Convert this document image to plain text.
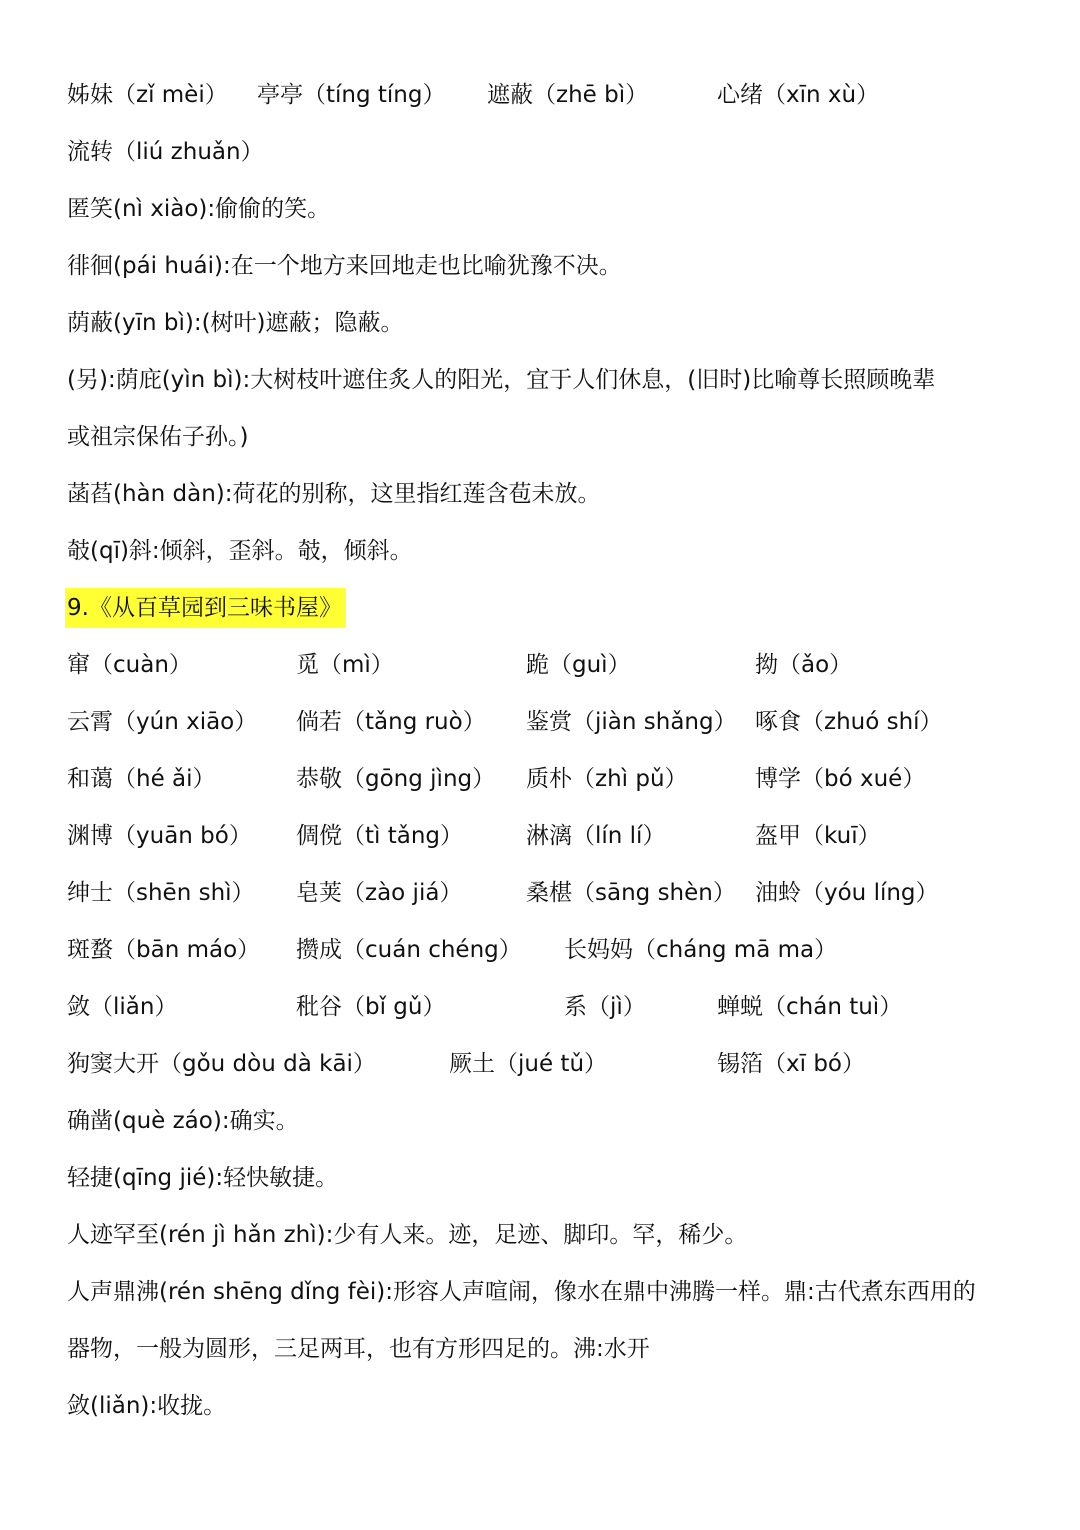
姊妹（zǐ mèi） 亭亭（tíng tíng） 遮蔽（zhē bì）	心绪（xīn xù）
流转（liú zhuǎn）
匿笑(nì xiào):偷偷的笑。
徘徊(pái huái):在一个地方来回地走也比喻犹豫不决。
荫蔽(yīn bì):(树叶)遮蔽；隐蔽。
(另):荫庇(yìn bì):大树枝叶遮住炙人的阳光，宜于人们休息，(旧时)比喻尊长照顾晚辈
或祖宗保佑子孙。)
菡萏(hàn dàn):荷花的别称，这里指红莲含苞未放。
攲(qī)斜:倾斜，歪斜。攲，倾斜。
9.《从百草园到三味书屋》
窜（cuàn）	觅（mì）	跪（guì）	拗（ǎo）
云霄（yún xiāo） 倘若（tǎng ruò） 鉴赏（jiàn shǎng） 啄食（zhuó shí）
和蔼（hé ǎi）	恭敬（gōng jìng） 质朴（zhì pǔ）	博学（bó xué）
渊博（yuān bó） 倜傥（tì tǎng）	淋漓（lín lí）	盔甲（kuī）
绅士（shēn shì） 皂荚（zào jiá）	桑椹（sāng shèn） 油蛉（yóu líng）
斑蝥（bān máo） 攒成（cuán chéng） 长妈妈（cháng mā ma）
敛（liǎn）	秕谷（bǐ gǔ）	系（jì）	蝉蜕（chán tuì）
狗窦大开（gǒu dòu dà kāi）	厥土（jué tǔ）	锡箔（xī bó）
确凿(què záo):确实。
轻捷(qīng jié):轻快敏捷。
人迹罕至(rén jì hǎn zhì):少有人来。迹，足迹、脚印。罕，稀少。
人声鼎沸(rén shēng dǐng fèi):形容人声喧闹，像水在鼎中沸腾一样。鼎:古代煮东西用的
器物，一般为圆形，三足两耳，也有方形四足的。沸:水开
敛(liǎn):收拢。
